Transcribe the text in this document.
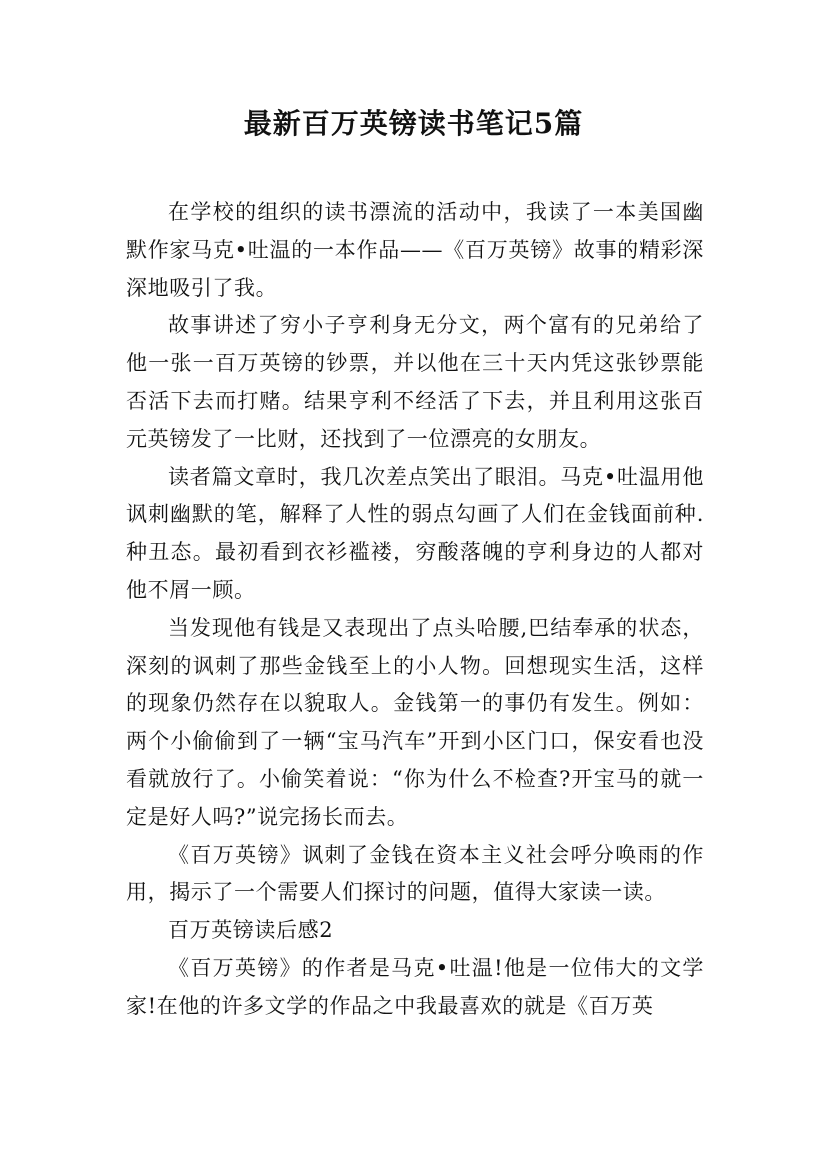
最新百万英镑读书笔记5篇

在学校的组织的读书漂流的活动中，我读了一本美国幽默作家马克•吐温的一本作品——《百万英镑》故事的精彩深深地吸引了我。

故事讲述了穷小子亨利身无分文，两个富有的兄弟给了他一张一百万英镑的钞票，并以他在三十天内凭这张钞票能否活下去而打赌。结果亨利不经活了下去，并且利用这张百元英镑发了一比财，还找到了一位漂亮的女朋友。

读者篇文章时，我几次差点笑出了眼泪。马克•吐温用他讽刺幽默的笔，解释了人性的弱点勾画了人们在金钱面前种.种丑态。最初看到衣衫褴褛，穷酸落魄的亨利身边的人都对他不屑一顾。

当发现他有钱是又表现出了点头哈腰,巴结奉承的状态，深刻的讽刺了那些金钱至上的小人物。回想现实生活，这样的现象仍然存在以貌取人。金钱第一的事仍有发生。例如：两个小偷偷到了一辆“宝马汽车”开到小区门口，保安看也没看就放行了。小偷笑着说：“你为什么不检查?开宝马的就一定是好人吗?”说完扬长而去。

《百万英镑》讽刺了金钱在资本主义社会呼分唤雨的作用，揭示了一个需要人们探讨的问题，值得大家读一读。

百万英镑读后感2

《百万英镑》的作者是马克•吐温!他是一位伟大的文学家!在他的许多文学的作品之中我最喜欢的就是《百万英
